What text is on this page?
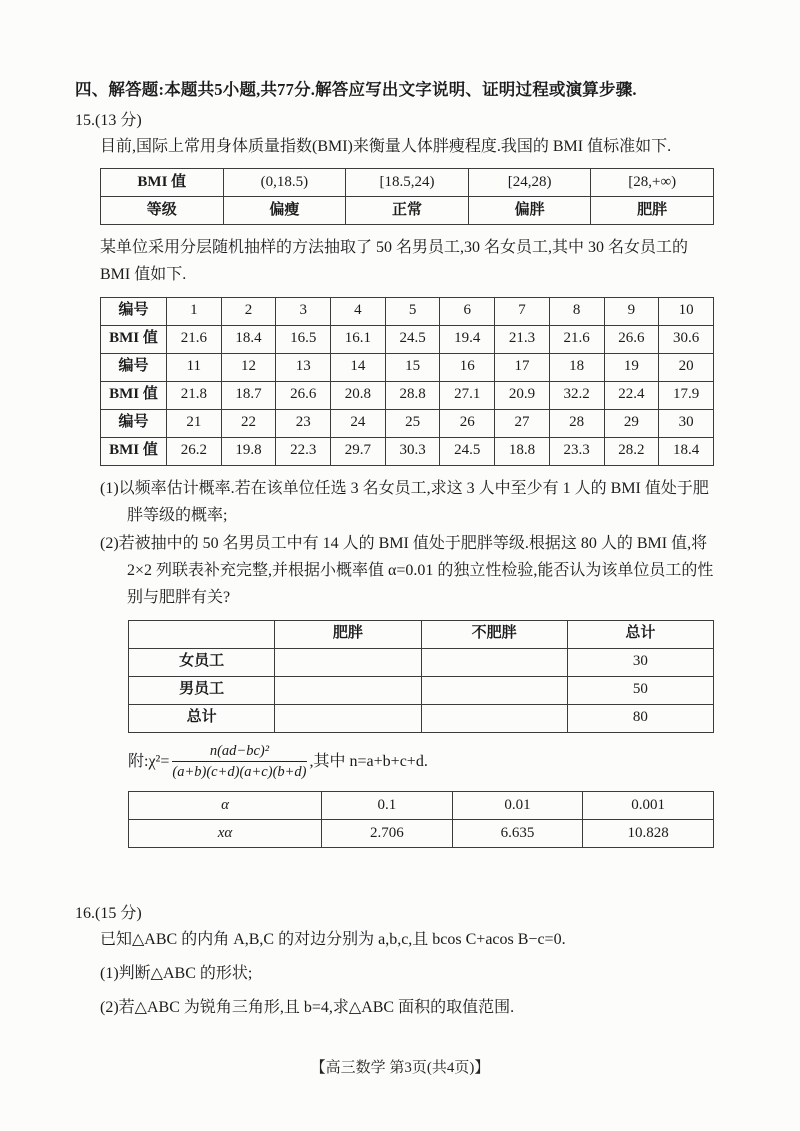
四、解答题:本题共5小题,共77分.解答应写出文字说明、证明过程或演算步骤.
15.(13 分)

目前,国际上常用身体质量指数(BMI)来衡量人体胖瘦程度.我国的 BMI 值标准如下.

BMI 值	(0,18.5)	[18.5,24)	[24,28)	[28,+∞)
等级	偏瘦	正常	偏胖	肥胖

某单位采用分层随机抽样的方法抽取了 50 名男员工,30 名女员工,其中 30 名女员工的 BMI 值如下.

编号	1	2	3	4	5	6	7	8	9	10
BMI 值	21.6	18.4	16.5	16.1	24.5	19.4	21.3	21.6	26.6	30.6
编号	11	12	13	14	15	16	17	18	19	20
BMI 值	21.8	18.7	26.6	20.8	28.8	27.1	20.9	32.2	22.4	17.9
编号	21	22	23	24	25	26	27	28	29	30
BMI 值	26.2	19.8	22.3	29.7	30.3	24.5	18.8	23.3	28.2	18.4

(1)以频率估计概率.若在该单位任选 3 名女员工,求这 3 人中至少有 1 人的 BMI 值处于肥胖等级的概率;

(2)若被抽中的 50 名男员工中有 14 人的 BMI 值处于肥胖等级.根据这 80 人的 BMI 值,将 2×2 列联表补充完整,并根据小概率值 α=0.01 的独立性检验,能否认为该单位员工的性别与肥胖有关?

	肥胖	不肥胖	总计
女员工			30
男员工			50
总计			80
附:χ²= $\frac{\text{n(ad−bc)²}}{(a+b)(c+d)(a+c)(b+d)}$ ,其中 n=a+b+c+d.
α	0.1	0.01	0.001
xα	2.706	6.635	10.828
16.(15 分)

已知△ABC 的内角 A,B,C 的对边分别为 a,b,c,且 bcos C+acos B−c=0.

(1)判断△ABC 的形状;

(2)若△ABC 为锐角三角形,且 b=4,求△ABC 面积的取值范围.

【高三数学 第3页(共4页)】
